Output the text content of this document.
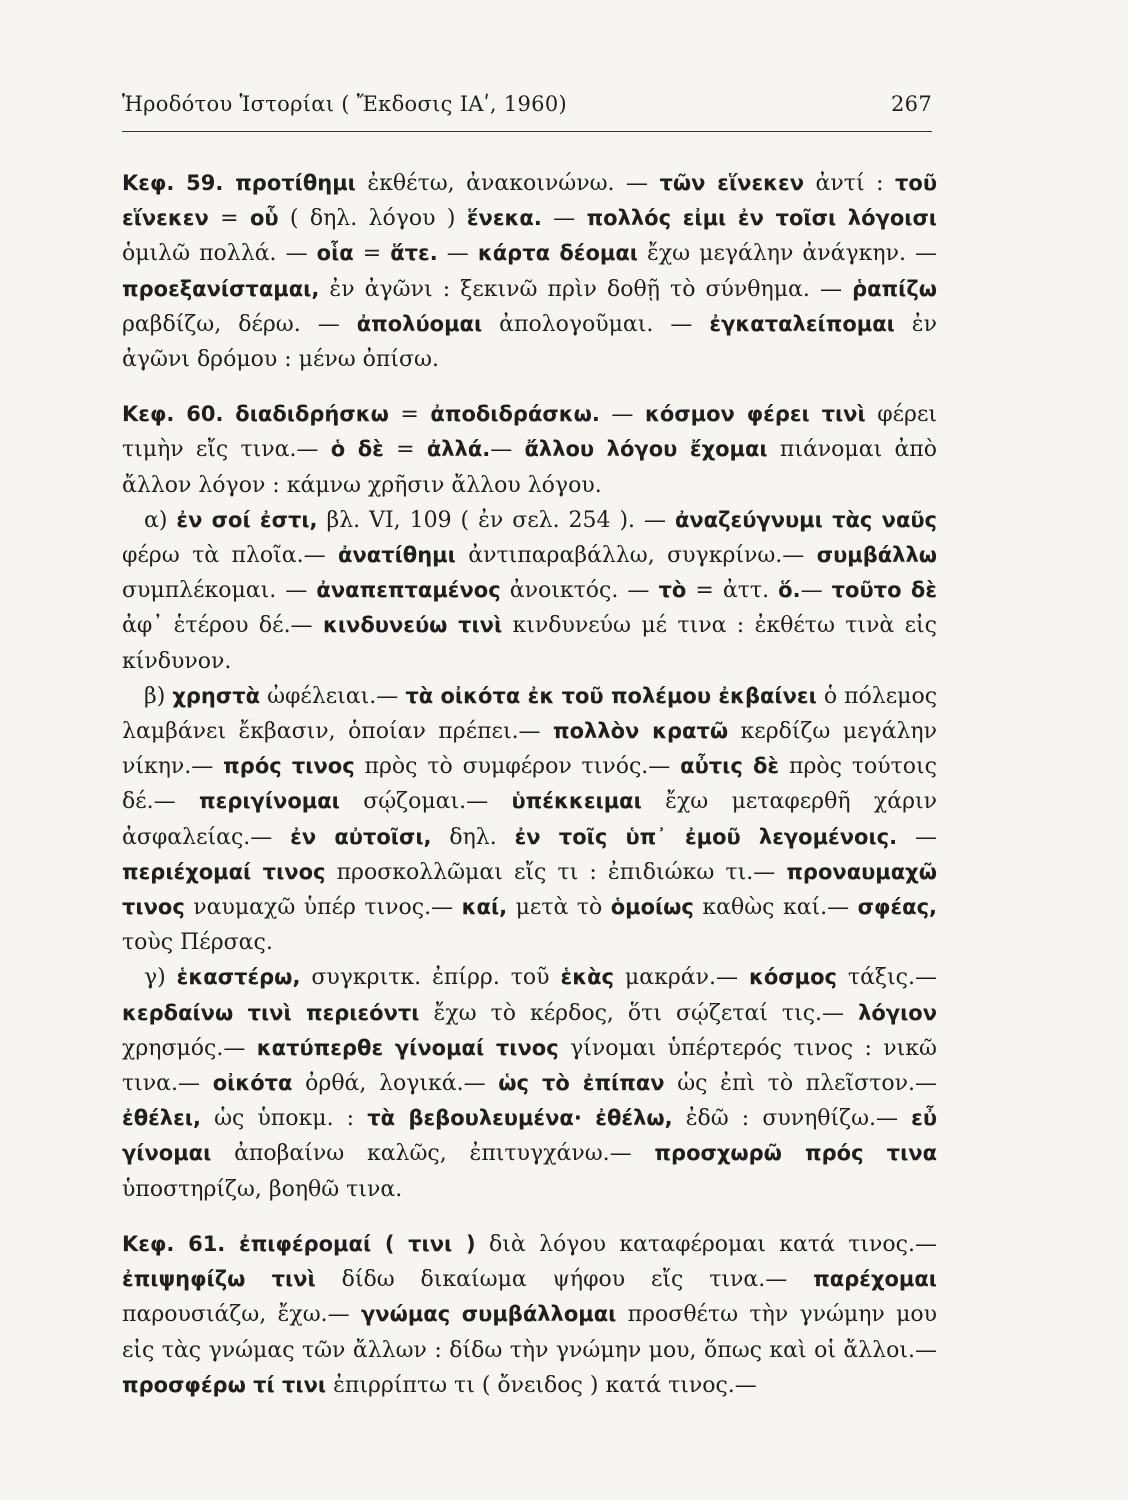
Ἡροδότου Ἱστορίαι ( Ἔκδοσις ΙΑʹ, 1960)	267

Κεφ. 59. προτίθημι ἐκθέτω, ἀνακοινώνω. — τῶν εἵνεκεν ἀντί : τοῦ εἵνεκεν = οὗ ( δηλ. λόγου ) ἕνεκα. — πολλός εἰμι ἐν τοῖσι λόγοισι ὁμιλῶ πολλά. — οἷα = ἅτε. — κάρτα δέομαι ἔχω μεγάλην ἀνάγκην. — προεξανίσταμαι, ἐν ἀγῶνι : ξεκινῶ πρὶν δοθῇ τὸ σύνθημα. — ῥαπίζω ραβδίζω, δέρω. — ἀπολύομαι ἀπολογοῦμαι. — ἐγκαταλείπομαι ἐν ἀγῶνι δρόμου : μένω ὀπίσω.

Κεφ. 60. διαδιδρήσκω = ἀποδιδράσκω. — κόσμον φέρει τινὶ φέρει τιμὴν εἴς τινα.— ὁ δὲ = ἀλλά.— ἄλλου λόγου ἔχομαι πιάνομαι ἀπὸ ἄλλον λόγον : κάμνω χρῆσιν ἄλλου λόγου.

α) ἐν σοί ἐστι, βλ. VI, 109 ( ἐν σελ. 254 ). — ἀναζεύγνυμι τὰς ναῦς φέρω τὰ πλοῖα.— ἀνατίθημι ἀντιπαραβάλλω, συγκρίνω.— συμβάλλω συμπλέκομαι. — ἀναπεπταμένος ἀνοικτός. — τὸ = ἀττ. ὅ.— τοῦτο δὲ ἀφ᾽ ἑτέρου δέ.— κινδυνεύω τινὶ κινδυνεύω μέ τινα : ἐκθέτω τινὰ εἰς κίνδυνον.

β) χρηστὰ ὠφέλειαι.— τὰ οἰκότα ἐκ τοῦ πολέμου ἐκβαίνει ὁ πόλεμος λαμβάνει ἔκβασιν, ὁποίαν πρέπει.— πολλὸν κρατῶ κερδίζω μεγάλην νίκην.— πρός τινος πρὸς τὸ συμφέρον τινός.— αὖτις δὲ πρὸς τούτοις δέ.— περιγίνομαι σῴζομαι.— ὑπέκκειμαι ἔχω μεταφερθῆ χάριν ἀσφαλείας.— ἐν αὐτοῖσι, δηλ. ἐν τοῖς ὑπ᾽ ἐμοῦ λεγομένοις. — περιέχομαί τινος προσκολλῶμαι εἴς τι : ἐπιδιώκω τι.— προναυμαχῶ τινος ναυμαχῶ ὑπέρ τινος.— καί, μετὰ τὸ ὁμοίως καθὼς καί.— σφέας, τοὺς Πέρσας.

γ) ἑκαστέρω, συγκριτκ. ἐπίρρ. τοῦ ἑκὰς μακράν.— κόσμος τάξις.— κερδαίνω τινὶ περιεόντι ἔχω τὸ κέρδος, ὅτι σῴζεταί τις.— λόγιον χρησμός.— κατύπερθε γίνομαί τινος γίνομαι ὑπέρτερός τινος : νικῶ τινα.— οἰκότα ὀρθά, λογικά.— ὡς τὸ ἐπίπαν ὡς ἐπὶ τὸ πλεῖστον.— ἐθέλει, ὡς ὑποκμ. : τὰ βεβουλευμένα· ἐθέλω, ἐδῶ : συνηθίζω.— εὖ γίνομαι ἀποβαίνω καλῶς, ἐπιτυγχάνω.— προσχωρῶ πρός τινα ὑποστηρίζω, βοηθῶ τινα.

Κεφ. 61. ἐπιφέρομαί ( τινι ) διὰ λόγου καταφέρομαι κατά τινος.— ἐπιψηφίζω τινὶ δίδω δικαίωμα ψήφου εἴς τινα.— παρέχομαι παρουσιάζω, ἔχω.— γνώμας συμβάλλομαι προσθέτω τὴν γνώμην μου εἰς τὰς γνώμας τῶν ἄλλων : δίδω τὴν γνώμην μου, ὅπως καὶ οἱ ἄλλοι.— προσφέρω τί τινι ἐπιρρίπτω τι ( ὄνειδος ) κατά τινος.—
